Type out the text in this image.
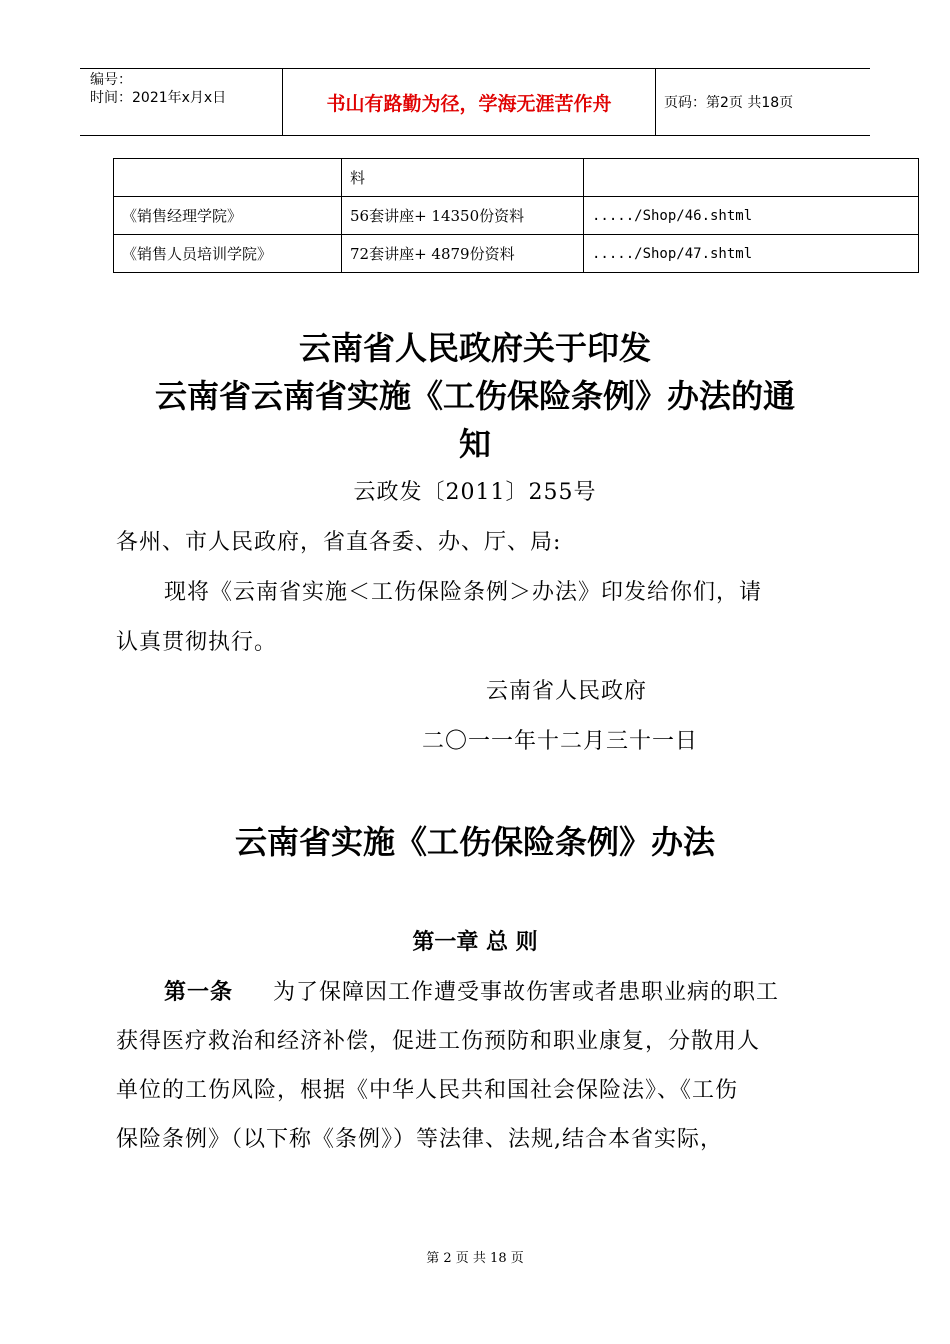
编号：
时间：2021年x月x日	书山有路勤为径，学海无涯苦作舟	页码：第2页 共18页
	料	
《销售经理学院》	56套讲座+ 14350份资料	...../Shop/46.shtml
《销售人员培训学院》	72套讲座+ 4879份资料	...../Shop/47.shtml
云南省人民政府关于印发
云南省云南省实施《工伤保险条例》办法的通
知
云政发〔2011〕255号
各州、市人民政府，省直各委、办、厅、局:
现将《云南省实施＜工伤保险条例＞办法》印发给你们，请
认真贯彻执行。
云南省人民政府
二〇一一年十二月三十一日
云南省实施《工伤保险条例》办法
第一章 总 则
第一条 为了保障因工作遭受事故伤害或者患职业病的职工
获得医疗救治和经济补偿，促进工伤预防和职业康复，分散用人
单位的工伤风险，根据《中华人民共和国社会保险法》、《工伤
保险条例》（以下称《条例》）等法律、法规,结合本省实际，
第 2 页 共 18 页
